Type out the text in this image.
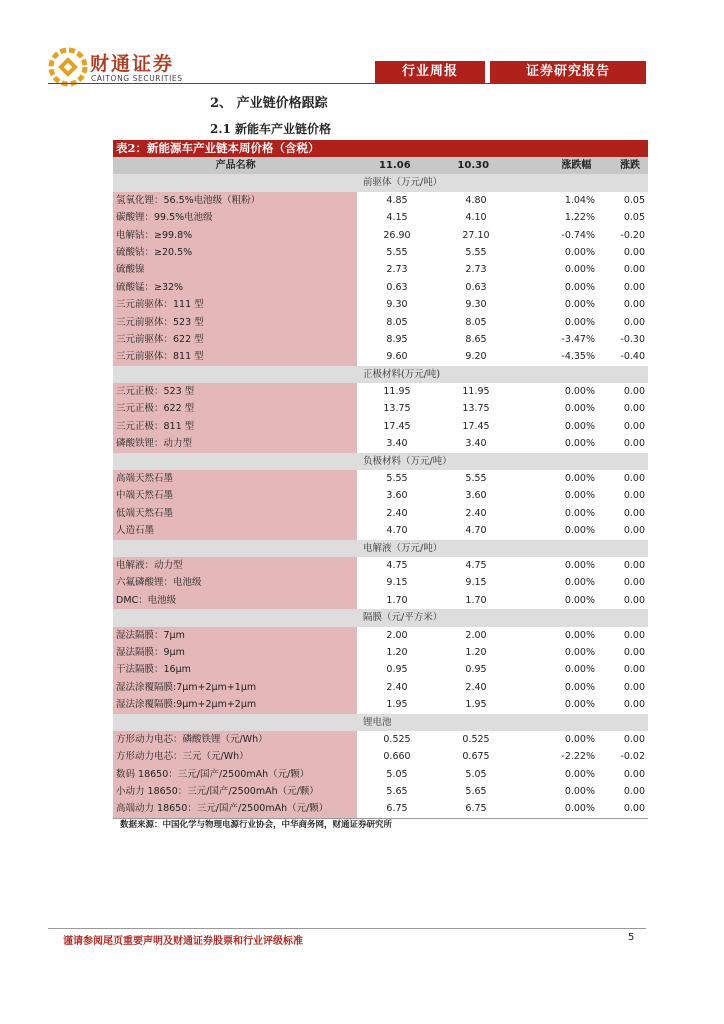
财通证券
CAITONG SECURITIES	行业周报	证券研究报告
2、 产业链价格跟踪
2.1 新能车产业链价格
表2：新能源车产业链本周价格（含税）
产品名称	11.06	10.30	涨跌幅	涨跌
前驱体（万元/吨）
氢氧化锂：56.5%电池级（粗粉）	4.85	4.80	1.04%	0.05
碳酸锂：99.5%电池级	4.15	4.10	1.22%	0.05
电解钴：≥99.8%	26.90	27.10	-0.74%	-0.20
硫酸钴：≥20.5%	5.55	5.55	0.00%	0.00
硫酸镍	2.73	2.73	0.00%	0.00
硫酸锰：≥32%	0.63	0.63	0.00%	0.00
三元前驱体：111 型	9.30	9.30	0.00%	0.00
三元前驱体：523 型	8.05	8.05	0.00%	0.00
三元前驱体：622 型	8.95	8.65	-3.47%	-0.30
三元前驱体：811 型	9.60	9.20	-4.35%	-0.40
正极材料(万元/吨)
三元正极：523 型	11.95	11.95	0.00%	0.00
三元正极：622 型	13.75	13.75	0.00%	0.00
三元正极：811 型	17.45	17.45	0.00%	0.00
磷酸铁锂：动力型	3.40	3.40	0.00%	0.00
负极材料（万元/吨）
高端天然石墨	5.55	5.55	0.00%	0.00
中端天然石墨	3.60	3.60	0.00%	0.00
低端天然石墨	2.40	2.40	0.00%	0.00
人造石墨	4.70	4.70	0.00%	0.00
电解液（万元/吨）
电解液：动力型	4.75	4.75	0.00%	0.00
六氟磷酸锂：电池级	9.15	9.15	0.00%	0.00
DMC：电池级	1.70	1.70	0.00%	0.00
隔膜（元/平方米）
湿法隔膜：7μm	2.00	2.00	0.00%	0.00
湿法隔膜：9μm	1.20	1.20	0.00%	0.00
干法隔膜：16μm	0.95	0.95	0.00%	0.00
湿法涂覆隔膜:7μm+2μm+1μm	2.40	2.40	0.00%	0.00
湿法涂覆隔膜:9μm+2μm+2μm	1.95	1.95	0.00%	0.00
锂电池
方形动力电芯：磷酸铁锂（元/Wh）	0.525	0.525	0.00%	0.00
方形动力电芯：三元（元/Wh）	0.660	0.675	-2.22%	-0.02
数码 18650：三元/国产/2500mAh（元/颗）	5.05	5.05	0.00%	0.00
小动力 18650：三元/国产/2500mAh（元/颗）	5.65	5.65	0.00%	0.00
高端动力 18650：三元/国产/2500mAh（元/颗）	6.75	6.75	0.00%	0.00
数据来源：中国化学与物理电源行业协会，中华商务网，财通证券研究所
谨请参阅尾页重要声明及财通证券股票和行业评级标准	5
